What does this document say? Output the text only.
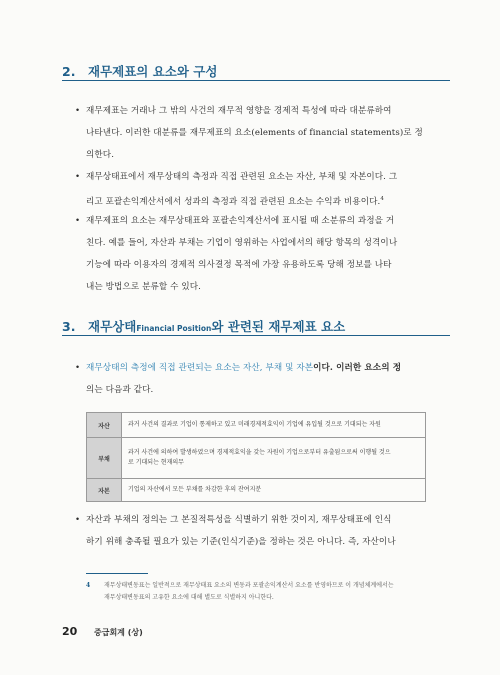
2. 재무제표의 요소와 구성
• 재무제표는 거래나 그 밖의 사건의 재무적 영향을 경제적 특성에 따라 대분류하여
나타낸다. 이러한 대분류를 재무제표의 요소(elements of financial statements)로 정
의한다.
• 재무상태표에서 재무상태의 측정과 직접 관련된 요소는 자산, 부채 및 자본이다. 그
리고 포괄손익계산서에서 성과의 측정과 직접 관련된 요소는 수익과 비용이다.$^4$
• 재무제표의 요소는 재무상태표와 포괄손익계산서에 표시될 때 소분류의 과정을 거
친다. 예를 들어, 자산과 부채는 기업이 영위하는 사업에서의 해당 항목의 성격이나
기능에 따라 이용자의 경제적 의사결정 목적에 가장 유용하도록 당해 정보를 나타
내는 방법으로 분류할 수 있다.
3. 재무상태Financial Position와 관련된 재무제표 요소
• 재무상태의 측정에 직접 관련되는 요소는 자산, 부채 및 자본이다. 이러한 요소의 정
의는 다음과 같다.
자산	과거 사건의 결과로 기업이 통제하고 있고 미래경제적효익이 기업에 유입될 것으로 기대되는 자원
부채	과거 사건에 의하여 발생하였으며 경제적효익을 갖는 자원이 기업으로부터 유출됨으로써 이행될 것으
로 기대되는 현재의무
자본	기업의 자산에서 모든 부채를 차감한 후의 잔여지분
• 자산과 부채의 정의는 그 본질적특성을 식별하기 위한 것이지, 재무상태표에 인식
하기 위해 충족될 필요가 있는 기준(인식기준)을 정하는 것은 아니다. 즉, 자산이나
4 재무상태변동표는 일반적으로 재무상태표 요소의 변동과 포괄손익계산서 요소를 반영하므로 이 개념체계에서는
재무상태변동표의 고유한 요소에 대해 별도로 식별하지 아니한다.
20 중급회계 (상)
